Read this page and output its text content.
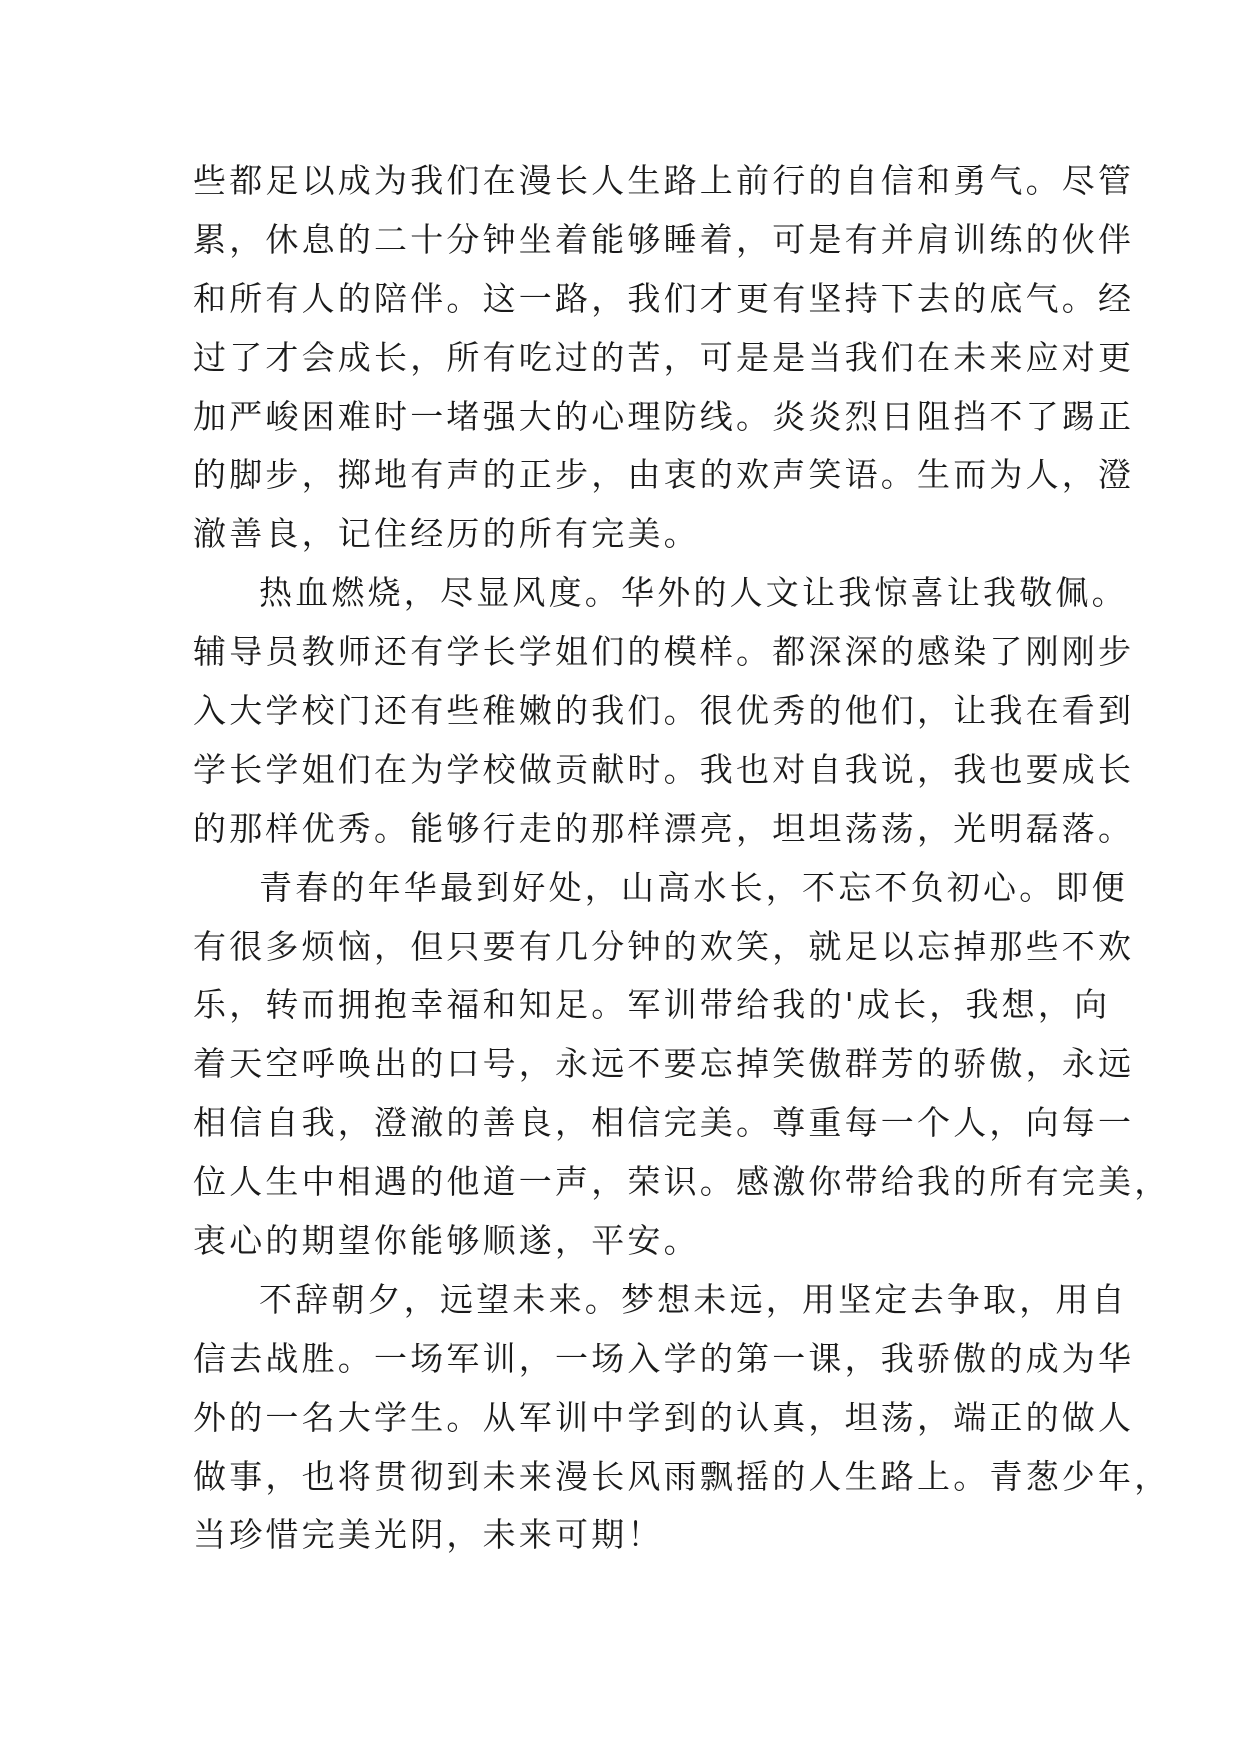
些都足以成为我们在漫长人生路上前行的自信和勇气。尽管
累，休息的二十分钟坐着能够睡着，可是有并肩训练的伙伴
和所有人的陪伴。这一路，我们才更有坚持下去的底气。经
过了才会成长，所有吃过的苦，可是是当我们在未来应对更
加严峻困难时一堵强大的心理防线。炎炎烈日阻挡不了踢正
的脚步，掷地有声的正步，由衷的欢声笑语。生而为人，澄
澈善良，记住经历的所有完美。
热血燃烧，尽显风度。华外的人文让我惊喜让我敬佩。
辅导员教师还有学长学姐们的模样。都深深的感染了刚刚步
入大学校门还有些稚嫩的我们。很优秀的他们，让我在看到
学长学姐们在为学校做贡献时。我也对自我说，我也要成长
的那样优秀。能够行走的那样漂亮，坦坦荡荡，光明磊落。
青春的年华最到好处，山高水长，不忘不负初心。即便
有很多烦恼，但只要有几分钟的欢笑，就足以忘掉那些不欢
乐，转而拥抱幸福和知足。军训带给我的'成长，我想，向
着天空呼唤出的口号，永远不要忘掉笑傲群芳的骄傲，永远
相信自我，澄澈的善良，相信完美。尊重每一个人，向每一
位人生中相遇的他道一声，荣识。感激你带给我的所有完美，
衷心的期望你能够顺遂，平安。
不辞朝夕，远望未来。梦想未远，用坚定去争取，用自
信去战胜。一场军训，一场入学的第一课，我骄傲的成为华
外的一名大学生。从军训中学到的认真，坦荡，端正的做人
做事，也将贯彻到未来漫长风雨飘摇的人生路上。青葱少年，
当珍惜完美光阴，未来可期！
